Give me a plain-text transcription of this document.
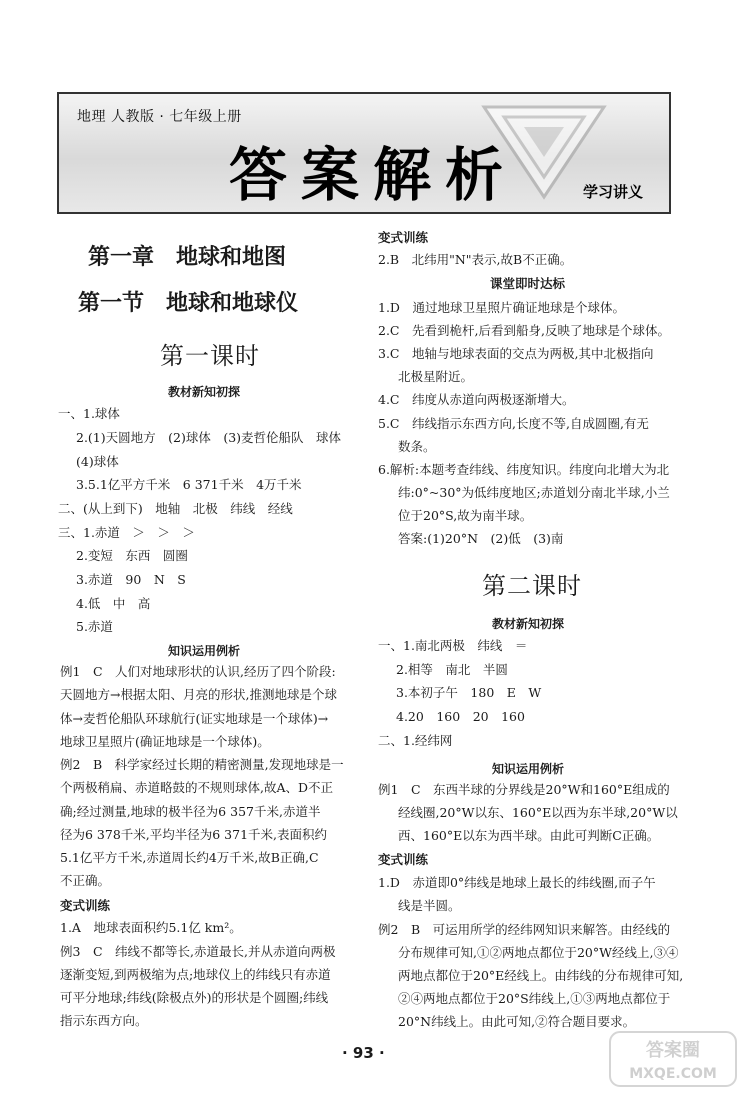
地理 人教版 · 七年级上册
答案解析	学习讲义
第一章　地球和地图
第一节　地球和地球仪
第一课时
教材新知初探
一、1.球体
2.(1)天圆地方　(2)球体　(3)麦哲伦船队　球体
(4)球体
3.5.1亿平方千米　6 371千米　4万千米
二、(从上到下)　地轴　北极　纬线　经线
三、1.赤道　＞　＞　＞
2.变短　东西　圆圈
3.赤道　90　N　S
4.低　中　高
5.赤道
知识运用例析
例1　C　人们对地球形状的认识,经历了四个阶段:
天圆地方→根据太阳、月亮的形状,推测地球是个球
体→麦哲伦船队环球航行(证实地球是一个球体)→
地球卫星照片(确证地球是一个球体)。
例2　B　科学家经过长期的精密测量,发现地球是一
个两极稍扁、赤道略鼓的不规则球体,故A、D不正
确;经过测量,地球的极半径为6 357千米,赤道半
径为6 378千米,平均半径为6 371千米,表面积约
5.1亿平方千米,赤道周长约4万千米,故B正确,C
不正确。
变式训练
1.A　地球表面积约5.1亿 km²。
例3　C　纬线不都等长,赤道最长,并从赤道向两极
逐渐变短,到两极缩为点;地球仪上的纬线只有赤道
可平分地球;纬线(除极点外)的形状是个圆圈;纬线
指示东西方向。
变式训练
2.B　北纬用"N"表示,故B不正确。
课堂即时达标
1.D　通过地球卫星照片确证地球是个球体。
2.C　先看到桅杆,后看到船身,反映了地球是个球体。
3.C　地轴与地球表面的交点为两极,其中北极指向
北极星附近。
4.C　纬度从赤道向两极逐渐增大。
5.C　纬线指示东西方向,长度不等,自成圆圈,有无
数条。
6.解析:本题考查纬线、纬度知识。纬度向北增大为北
纬:0°~30°为低纬度地区;赤道划分南北半球,小兰
位于20°S,故为南半球。
答案:(1)20°N　(2)低　(3)南
第二课时
教材新知初探
一、1.南北两极　纬线　＝
2.相等　南北　半圆
3.本初子午　180　E　W
4.20　160　20　160
二、1.经纬网
知识运用例析
例1　C　东西半球的分界线是20°W和160°E组成的
经线圈,20°W以东、160°E以西为东半球,20°W以
西、160°E以东为西半球。由此可判断C正确。
变式训练
1.D　赤道即0°纬线是地球上最长的纬线圈,而子午
线是半圆。
例2　B　可运用所学的经纬网知识来解答。由经线的
分布规律可知,①②两地点都位于20°W经线上,③④
两地点都位于20°E经线上。由纬线的分布规律可知,
②④两地点都位于20°S纬线上,①③两地点都位于
20°N纬线上。由此可知,②符合题目要求。
· 93 ·	答案圈
MXQE.COM
